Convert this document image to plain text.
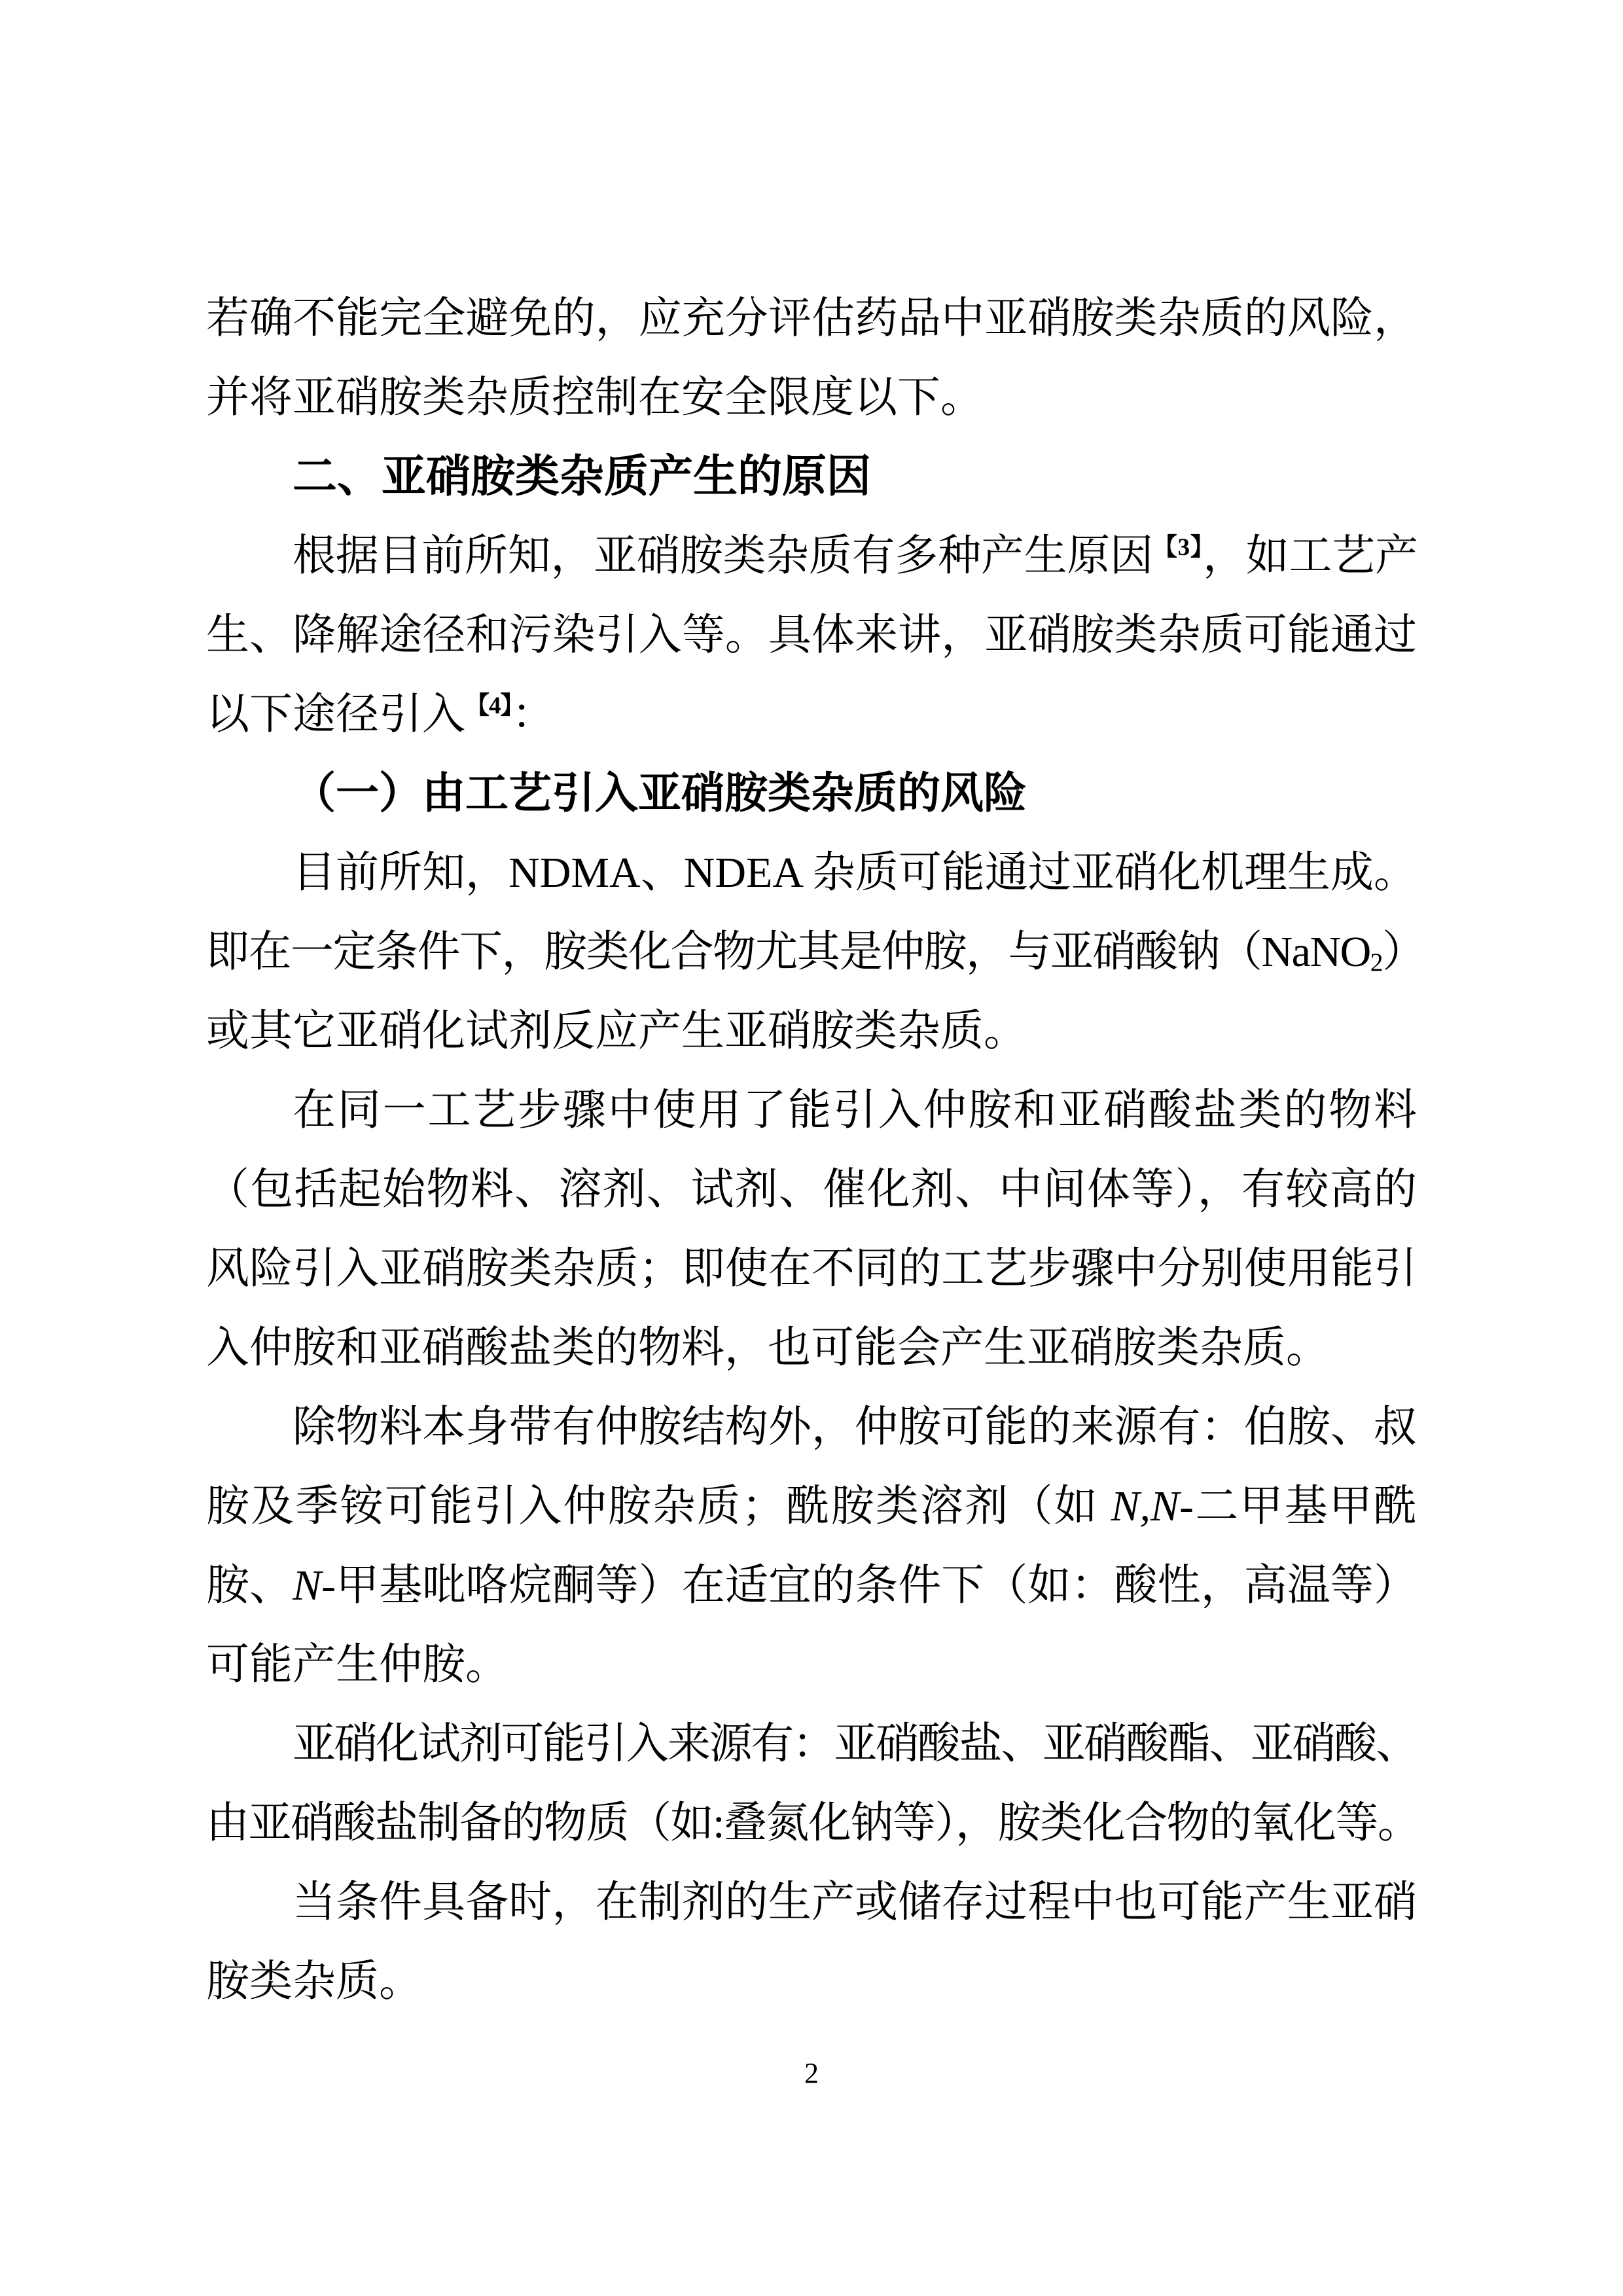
若确不能完全避免的，应充分评估药品中亚硝胺类杂质的风险，
并将亚硝胺类杂质控制在安全限度以下。
二、亚硝胺类杂质产生的原因
根据目前所知，亚硝胺类杂质有多种产生原因$^{【3】}$，如工艺产
生、降解途径和污染引入等。具体来讲，亚硝胺类杂质可能通过
以下途径引入$^{【4】}$：
（一）由工艺引入亚硝胺类杂质的风险
目前所知，NDMA、NDEA 杂质可能通过亚硝化机理生成。
即在一定条件下，胺类化合物尤其是仲胺，与亚硝酸钠（NaNO2）
或其它亚硝化试剂反应产生亚硝胺类杂质。
在同一工艺步骤中使用了能引入仲胺和亚硝酸盐类的物料
（包括起始物料、溶剂、试剂、催化剂、中间体等），有较高的
风险引入亚硝胺类杂质；即使在不同的工艺步骤中分别使用能引
入仲胺和亚硝酸盐类的物料，也可能会产生亚硝胺类杂质。
除物料本身带有仲胺结构外，仲胺可能的来源有：伯胺、叔
胺及季铵可能引入仲胺杂质；酰胺类溶剂（如 N,N-二甲基甲酰
胺、N-甲基吡咯烷酮等）在适宜的条件下（如：酸性，高温等）
可能产生仲胺。
亚硝化试剂可能引入来源有：亚硝酸盐、亚硝酸酯、亚硝酸、
由亚硝酸盐制备的物质（如:叠氮化钠等），胺类化合物的氧化等。
当条件具备时，在制剂的生产或储存过程中也可能产生亚硝
胺类杂质。
2
